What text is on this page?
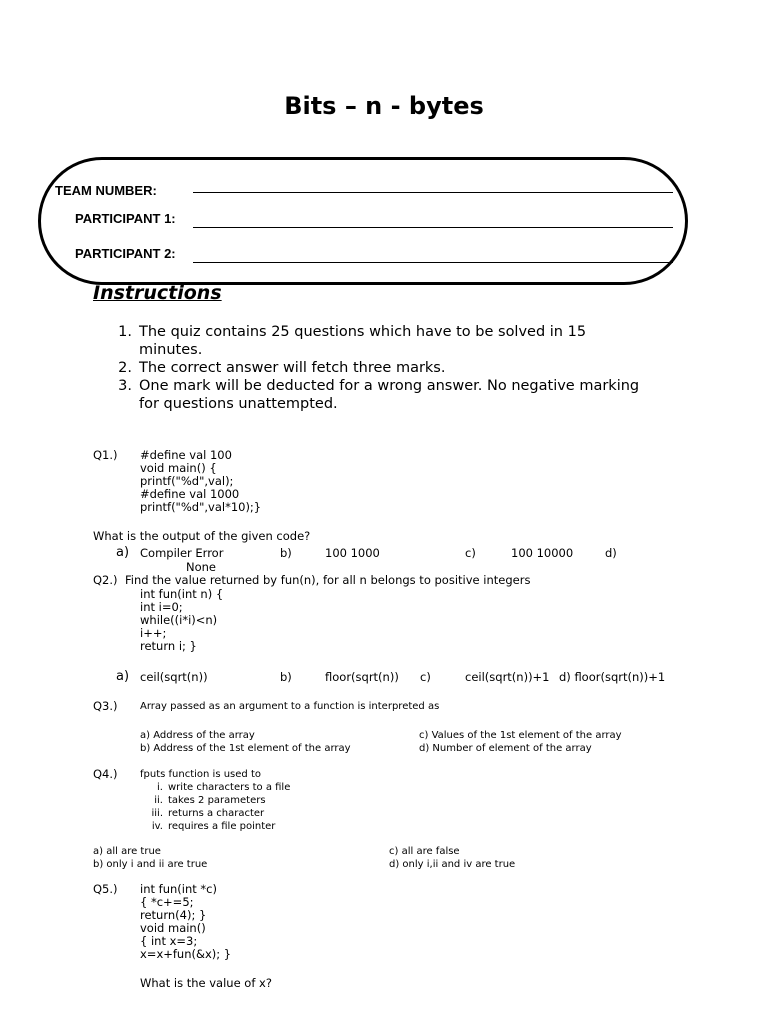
Bits – n - bytes
TEAM NUMBER:
PARTICIPANT 1:
PARTICIPANT 2:
Instructions
1. The quiz contains 25 questions which have to be solved in 15
minutes.
2. The correct answer will fetch three marks.
3. One mark will be deducted for a wrong answer. No negative marking
for questions unattempted.
Q1.) #define val 100
void main() {
printf("%d",val);
#define val 1000
printf("%d",val*10);}
What is the output of the given code?
a) Compiler Error	b)	100 1000	c)	100 10000	d)
None
Q2.) Find the value returned by fun(n), for all n belongs to positive integers
int fun(int n) {
int i=0;
while((i*i)<n)
i++;
return i; }
a) ceil(sqrt(n))	b)	floor(sqrt(n)) c)	ceil(sqrt(n))+1 d) floor(sqrt(n))+1
Q3.) Array passed as an argument to a function is interpreted as
a) Address of the array
b) Address of the 1st element of the array
c) Values of the 1st element of the array
d) Number of element of the array
Q4.) fputs function is used to
i. write characters to a file
ii. takes 2 parameters
iii. returns a character
iv. requires a file pointer
a) all are true
b) only i and ii are true
c) all are false
d) only i,ii and iv are true
Q5.) int fun(int *c)
{ *c+=5;
return(4); }
void main()
{ int x=3;
x=x+fun(&x); }
What is the value of x?
